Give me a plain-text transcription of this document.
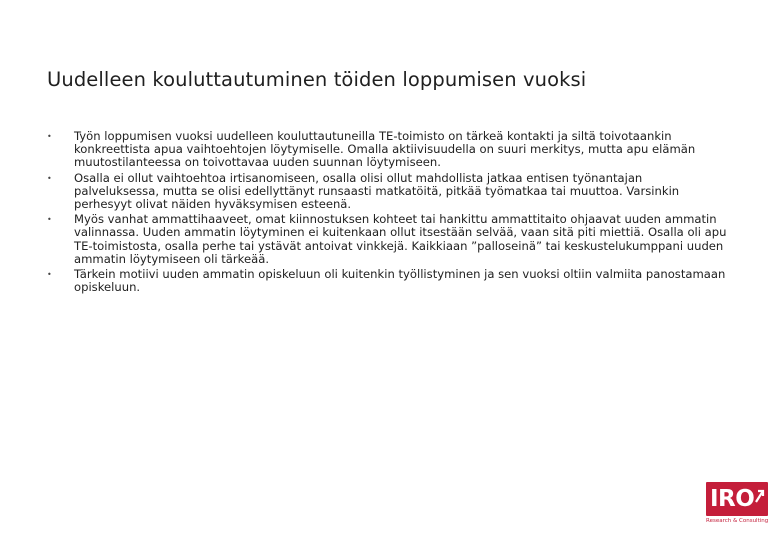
Uudelleen kouluttautuminen töiden loppumisen vuoksi
• Työn loppumisen vuoksi uudelleen kouluttautuneilla TE-toimisto on tärkeä kontakti ja siltä toivotaankin konkreettista apua vaihtoehtojen löytymiselle. Omalla aktiivisuudella on suuri merkitys, mutta apu elämän muutostilanteessa on toivottavaa uuden suunnan löytymiseen.
• Osalla ei ollut vaihtoehtoa irtisanomiseen, osalla olisi ollut mahdollista jatkaa entisen työnantajan palveluksessa, mutta se olisi edellyttänyt runsaasti matkatöitä, pitkää työmatkaa tai muuttoa. Varsinkin perhesyyt olivat näiden hyväksymisen esteenä.
• Myös vanhat ammattihaaveet, omat kiinnostuksen kohteet tai hankittu ammattitaito ohjaavat uuden ammatin valinnassa. Uuden ammatin löytyminen ei kuitenkaan ollut itsestään selvää, vaan sitä piti miettiä. Osalla oli apu TE-toimistosta, osalla perhe tai ystävät antoivat vinkkejä. Kaikkiaan ”palloseinä” tai keskustelukumppani uuden ammatin löytymiseen oli tärkeää.
• Tärkein motiivi uuden ammatin opiskeluun oli kuitenkin työllistyminen ja sen vuoksi oltiin valmiita panostamaan opiskeluun.
IRO
Research & Consulting
